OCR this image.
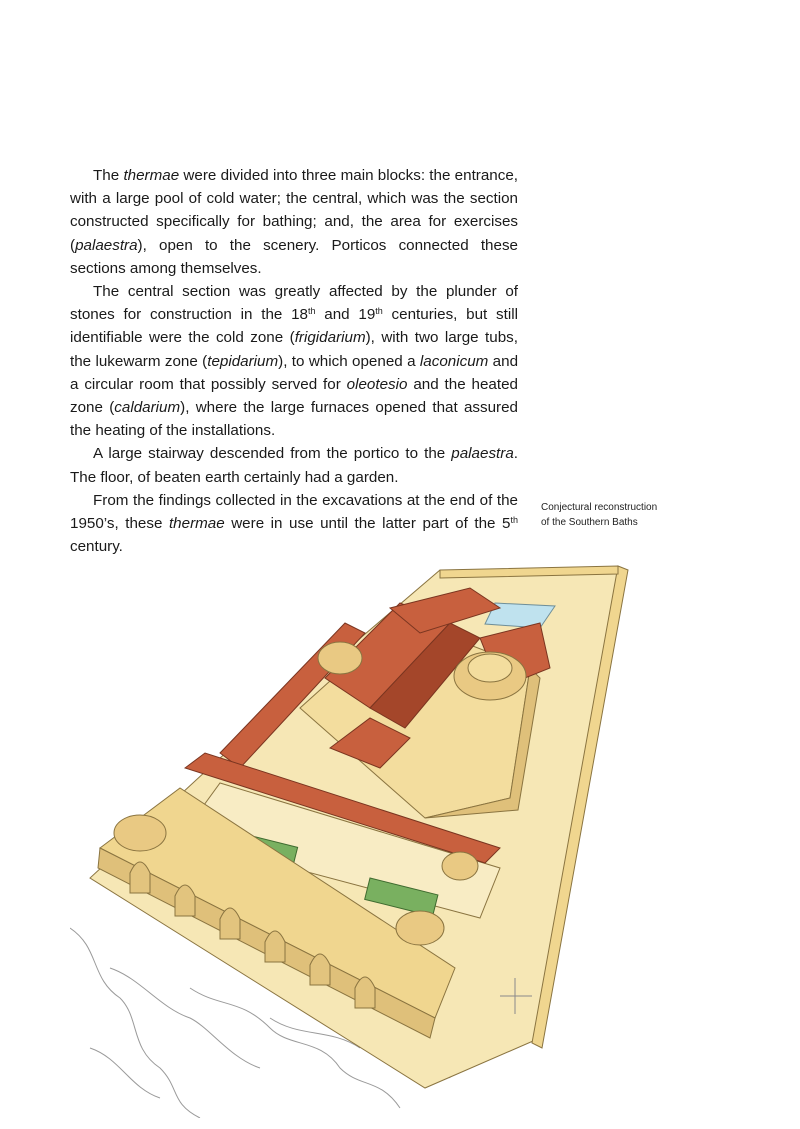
The thermae were divided into three main blocks: the entrance, with a large pool of cold water; the central, which was the section constructed specifically for bathing; and, the area for exercises (palaestra), open to the scenery. Porticos connected these sections among themselves.

The central section was greatly affected by the plunder of stones for construction in the 18th and 19th centuries, but still identifiable were the cold zone (frigidarium), with two large tubs, the lukewarm zone (tepidarium), to which opened a laconicum and a circular room that possibly served for oleotesio and the heated zone (caldarium), where the large furnaces opened that assured the heating of the installations.

A large stairway descended from the portico to the palaestra. The floor, of beaten earth certainly had a garden.

From the findings collected in the excavations at the end of the 1950’s, these thermae were in use until the latter part of the 5th century.

Conjectural reconstruction
of the Southern Baths
